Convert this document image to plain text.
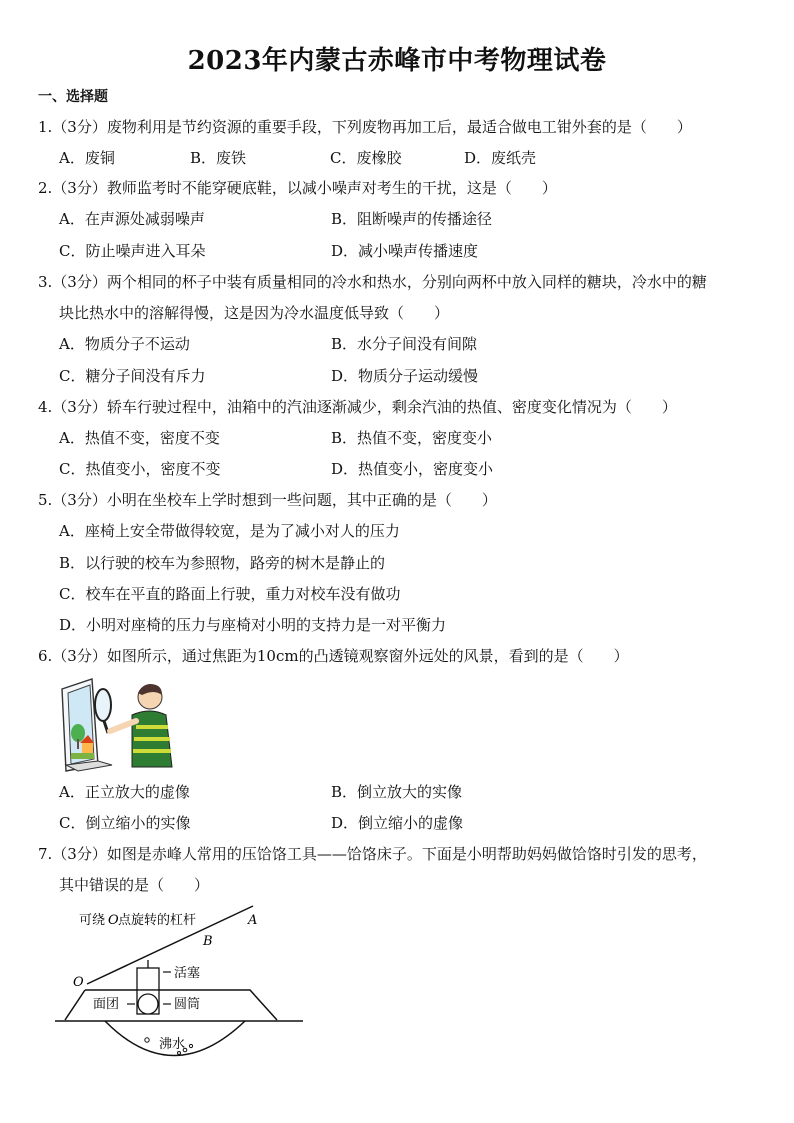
2023年内蒙古赤峰市中考物理试卷
一、选择题
1.（3分）废物利用是节约资源的重要手段，下列废物再加工后，最适合做电工钳外套的是（　　）
A．废铜	B．废铁	C．废橡胶	D．废纸壳
2.（3分）教师监考时不能穿硬底鞋，以减小噪声对考生的干扰，这是（　　）
A．在声源处减弱噪声	B．阻断噪声的传播途径
C．防止噪声进入耳朵	D．减小噪声传播速度
3.（3分）两个相同的杯子中装有质量相同的冷水和热水，分别向两杯中放入同样的糖块，冷水中的糖
块比热水中的溶解得慢，这是因为冷水温度低导致（　　）
A．物质分子不运动	B．水分子间没有间隙
C．糖分子间没有斥力	D．物质分子运动缓慢
4.（3分）轿车行驶过程中，油箱中的汽油逐渐减少，剩余汽油的热值、密度变化情况为（　　）
A．热值不变，密度不变	B．热值不变，密度变小
C．热值变小，密度不变	D．热值变小，密度变小
5.（3分）小明在坐校车上学时想到一些问题，其中正确的是（　　）
A．座椅上安全带做得较宽，是为了减小对人的压力
B．以行驶的校车为参照物，路旁的树木是静止的
C．校车在平直的路面上行驶，重力对校车没有做功
D．小明对座椅的压力与座椅对小明的支持力是一对平衡力
6.（3分）如图所示，通过焦距为10cm的凸透镜观察窗外远处的风景，看到的是（　　）
A．正立放大的虚像	B．倒立放大的实像
C．倒立缩小的实像	D．倒立缩小的虚像
7.（3分）如图是赤峰人常用的压饸饹工具——饸饹床子。下面是小明帮助妈妈做饸饹时引发的思考，
其中错误的是（　　）
可绕 O 点旋转的杠杆	A
B
O
活塞
面团	圆筒
沸水
